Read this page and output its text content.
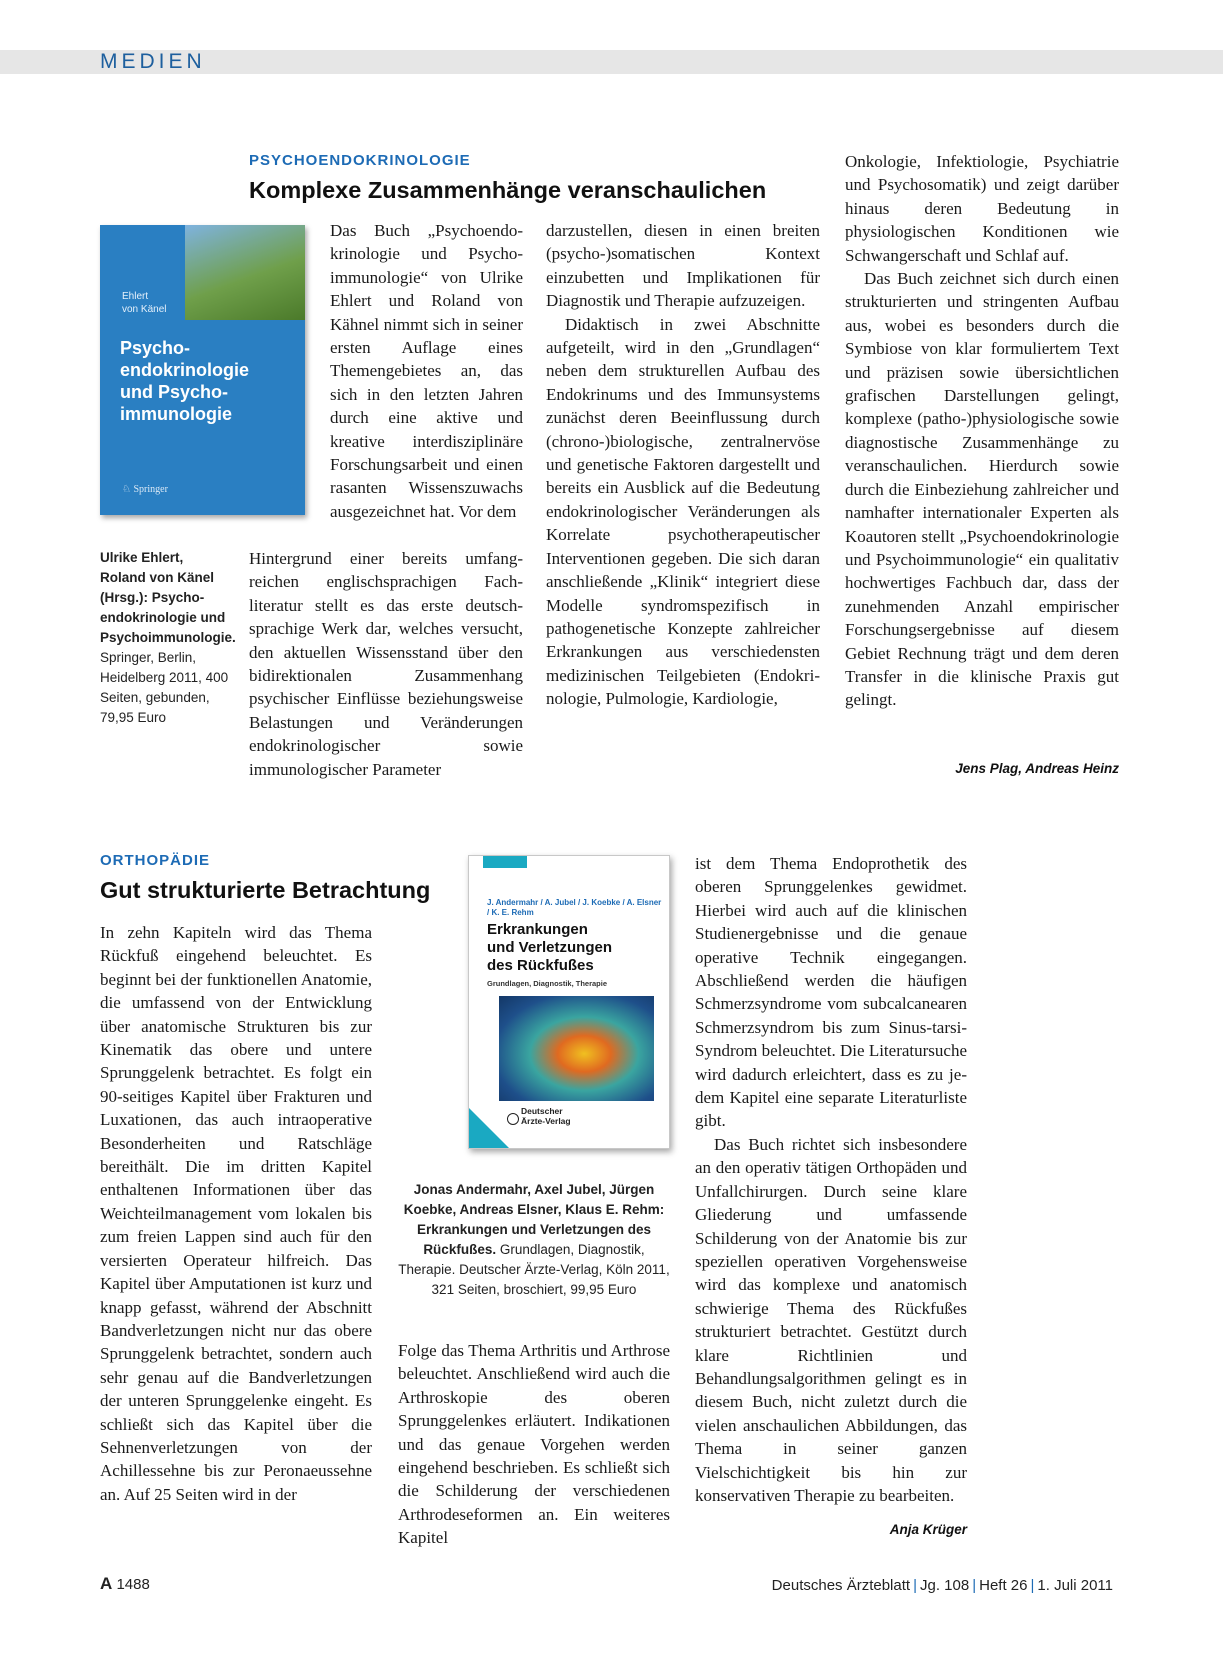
MEDIEN
PSYCHOENDOKRINOLOGIE
Komplexe Zusammenhänge veranschaulichen
Ehlert
von Känel
Psycho-
endokrinologie
und Psycho-
immunologie
♘ Springer
Ulrike Ehlert, Roland von Känel (Hrsg.): Psychoendokrinologie und Psychoimmunologie. Springer, Berlin, Heidelberg 2011, 400 Seiten, gebunden, 79,95 Euro

Das Buch „Psychoendokrinologie und Psychoimmunologie“ von Ulrike Ehlert und Roland von Kähnel nimmt sich in seiner ersten Auflage eines Themengebietes an, das sich in den letzten Jahren durch eine aktive und kreative interdisziplinäre Forschungsarbeit und einen rasanten Wissenszuwachs ausgezeichnet hat. Vor dem

Hintergrund einer bereits umfangreichen englischsprachigen Fachliteratur stellt es das erste deutschsprachige Werk dar, welches versucht, den aktuellen Wissensstand über den bidirektionalen Zusammenhang psychischer Einflüsse beziehungsweise Belastungen und Veränderungen endokrinologischer sowie immunologischer Parameter

darzustellen, diesen in einen breiten (psycho-)somatischen Kontext einzubetten und Implikationen für Diagnostik und Therapie aufzuzeigen.

Didaktisch in zwei Abschnitte aufgeteilt, wird in den „Grundlagen“ neben dem strukturellen Aufbau des Endokrinums und des Immunsystems zunächst deren Beeinflussung durch (chrono-)biologische, zentralnervöse und genetische Faktoren dargestellt und bereits ein Ausblick auf die Bedeutung endokrinologischer Veränderungen als Korrelate psychotherapeutischer Interventionen gegeben. Die sich daran anschließende „Klinik“ integriert diese Modelle syndromspezifisch in pathogenetische Konzepte zahlreicher Erkrankungen aus verschiedensten medizinischen Teilgebieten (Endokrinologie, Pulmologie, Kardiologie,

Onkologie, Infektiologie, Psychiatrie und Psychosomatik) und zeigt darüber hinaus deren Bedeutung in physiologischen Konditionen wie Schwangerschaft und Schlaf auf.

Das Buch zeichnet sich durch einen strukturierten und stringenten Aufbau aus, wobei es besonders durch die Symbiose von klar formuliertem Text und präzisen sowie übersichtlichen grafischen Darstellungen gelingt, komplexe (patho-)physiologische sowie diagnostische Zusammenhänge zu veranschaulichen. Hierdurch sowie durch die Einbeziehung zahlreicher und namhafter internationaler Experten als Koautoren stellt „Psychoendokrinologie und Psychoimmunologie“ ein qualitativ hochwertiges Fachbuch dar, dass der zunehmenden Anzahl empirischer Forschungsergebnisse auf diesem Gebiet Rechnung trägt und dem deren Transfer in die klinische Praxis gut gelingt.

Jens Plag, Andreas Heinz
ORTHOPÄDIE
Gut strukturierte Betrachtung

In zehn Kapiteln wird das Thema Rückfuß eingehend beleuchtet. Es beginnt bei der funktionellen Anatomie, die umfassend von der Entwicklung über anatomische Strukturen bis zur Kinematik das obere und untere Sprunggelenk betrachtet. Es folgt ein 90-seitiges Kapitel über Frakturen und Luxationen, das auch intraoperative Besonderheiten und Ratschläge bereithält. Die im dritten Kapitel enthaltenen Informationen über das Weichteilmanagement vom lokalen bis zum freien Lappen sind auch für den versierten Operateur hilfreich. Das Kapitel über Amputationen ist kurz und knapp gefasst, während der Abschnitt Bandverletzungen nicht nur das obere Sprunggelenk betrachtet, sondern auch sehr genau auf die Bandverletzungen der unteren Sprunggelenke eingeht. Es schließt sich das Kapitel über die Sehnenverletzungen von der Achillessehne bis zur Peronaeussehne an. Auf 25 Seiten wird in der

J. Andermahr / A. Jubel / J. Koebke / A. Elsner / K. E. Rehm
Erkrankungen
und Verletzungen
des Rückfußes
Grundlagen, Diagnostik, Therapie
Deutscher
Ärzte-Verlag
Jonas Andermahr, Axel Jubel, Jürgen Koebke, Andreas Elsner, Klaus E. Rehm: Erkrankungen und Verletzungen des Rückfußes. Grundlagen, Diagnostik, Therapie. Deutscher Ärzte-Verlag, Köln 2011, 321 Seiten, broschiert, 99,95 Euro

Folge das Thema Arthritis und Arthrose beleuchtet. Anschließend wird auch die Arthroskopie des oberen Sprunggelenkes erläutert. Indikationen und das genaue Vorgehen werden eingehend beschrieben. Es schließt sich die Schilderung der verschiedenen Arthrodeseformen an. Ein weiteres Kapitel

ist dem Thema Endoprothetik des oberen Sprunggelenkes gewidmet. Hierbei wird auch auf die klinischen Studienergebnisse und die genaue operative Technik eingegangen. Abschließend werden die häufigen Schmerzsyndrome vom subcalcanearen Schmerzsyndrom bis zum Sinus-tarsi-Syndrom beleuchtet. Die Literatursuche wird dadurch erleichtert, dass es zu jedem Kapitel eine separate Literaturliste gibt.

Das Buch richtet sich insbesondere an den operativ tätigen Orthopäden und Unfallchirurgen. Durch seine klare Gliederung und umfassende Schilderung von der Anatomie bis zur speziellen operativen Vorgehensweise wird das komplexe und anatomisch schwierige Thema des Rückfußes strukturiert betrachtet. Gestützt durch klare Richtlinien und Behandlungsalgorithmen gelingt es in diesem Buch, nicht zuletzt durch die vielen anschaulichen Abbildungen, das Thema in seiner ganzen Vielschichtigkeit bis hin zur konservativen Therapie zu bearbeiten.

Anja Krüger
A 1488	Deutsches Ärzteblatt | Jg. 108 | Heft 26 | 1. Juli 2011
